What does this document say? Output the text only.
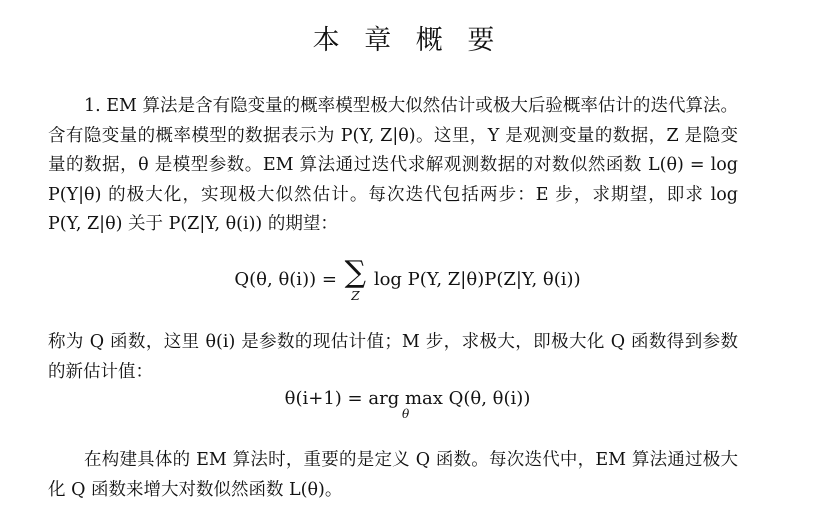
本 章 概 要

1. EM 算法是含有隐变量的概率模型极大似然估计或极大后验概率估计的迭代算法。含有隐变量的概率模型的数据表示为 P(Y, Z|θ)。这里，Y 是观测变量的数据，Z 是隐变量的数据，θ 是模型参数。EM 算法通过迭代求解观测数据的对数似然函数 L(θ) = log P(Y|θ) 的极大化，实现极大似然估计。每次迭代包括两步：E 步，求期望，即求 log P(Y, Z|θ) 关于 P(Z|Y, θ(i)) 的期望：

Q(θ, θ(i)) = ∑
Z
log P(Y, Z|θ)P(Z|Y, θ(i))

称为 Q 函数，这里 θ(i) 是参数的现估计值；M 步，求极大，即极大化 Q 函数得到参数的新估计值：

θ(i+1) = arg max
θ
Q(θ, θ(i))

在构建具体的 EM 算法时，重要的是定义 Q 函数。每次迭代中，EM 算法通过极大化 Q 函数来增大对数似然函数 L(θ)。
